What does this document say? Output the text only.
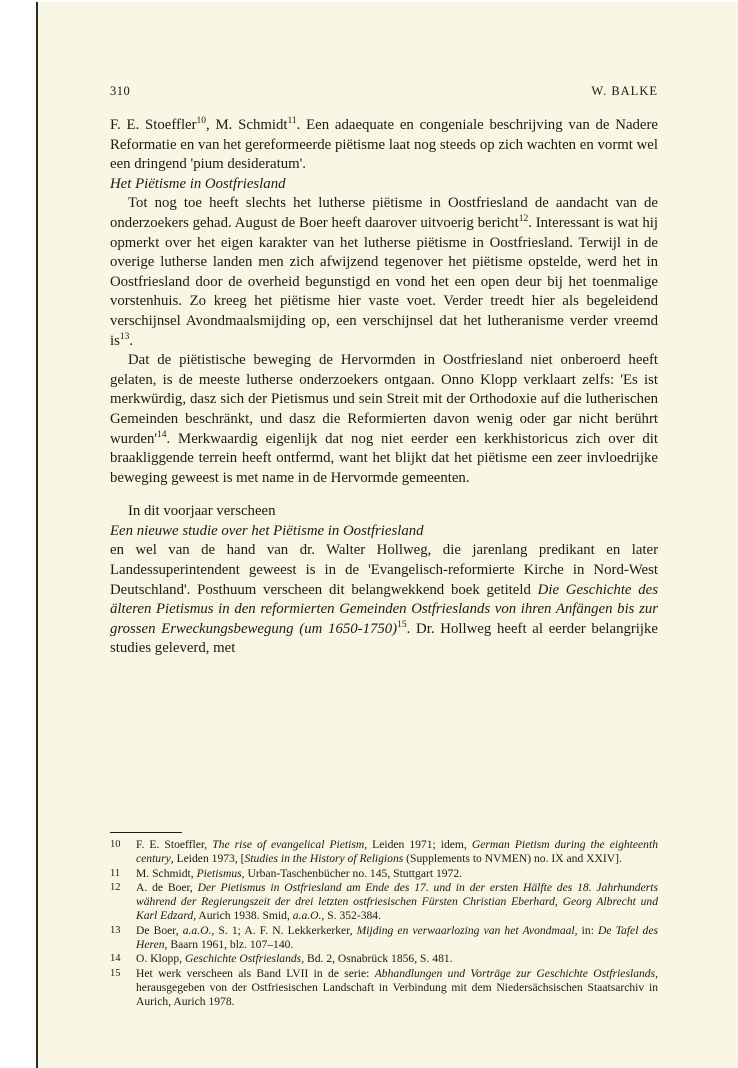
310	W. BALKE

F. E. Stoeffler$^{10}$, M. Schmidt$^{11}$. Een adaequate en congeniale beschrijving van de Nadere Reformatie en van het gereformeerde piëtisme laat nog steeds op zich wachten en vormt wel een dringend 'pium desideratum'.

Het Piëtisme in Oostfriesland

Tot nog toe heeft slechts het lutherse piëtisme in Oostfriesland de aandacht van de onderzoekers gehad. August de Boer heeft daarover uitvoerig bericht$^{12}$. Interessant is wat hij opmerkt over het eigen karakter van het lutherse piëtisme in Oostfriesland. Terwijl in de overige lutherse landen men zich afwijzend tegenover het piëtisme opstelde, werd het in Oostfriesland door de overheid begunstigd en vond het een open deur bij het toenmalige vorstenhuis. Zo kreeg het piëtisme hier vaste voet. Verder treedt hier als begeleidend verschijnsel Avondmaalsmijding op, een verschijnsel dat het lutheranisme verder vreemd $is^{13}$.

Dat de piëtistische beweging de Hervormden in Oostfriesland niet onberoerd heeft gelaten, is de meeste lutherse onderzoekers ontgaan. Onno Klopp verklaart zelfs: 'Es ist merkwürdig, dasz sich der Pietismus und sein Streit mit der Orthodoxie auf die lutherischen Gemeinden beschränkt, und dasz die Reformierten davon wenig oder gar nicht berührt $wurden'^{14}$. Merkwaardig eigenlijk dat nog niet eerder een kerkhistoricus zich over dit braakliggende terrein heeft ontfermd, want het blijkt dat het piëtisme een zeer invloedrijke beweging geweest is met name in de Hervormde gemeenten.

In dit voorjaar verscheen

Een nieuwe studie over het Piëtisme in Oostfriesland

en wel van de hand van dr. Walter Hollweg, die jarenlang predikant en later Landessuperintendent geweest is in de 'Evangelisch-reformierte Kirche in Nord-West Deutschland'. Posthuum verscheen dit belangwekkend boek getiteld Die Geschichte des älteren Pietismus in den reformierten Gemeinden Ostfrieslands von ihren Anfängen bis zur grossen Erweckungsbewegung (um 1650-1750)$^{15}$. Dr. Hollweg heeft al eerder belangrijke studies geleverd, met

10	F. E. Stoeffler, The rise of evangelical Pietism, Leiden 1971; idem, German Pietism during the eighteenth century, Leiden 1973, [Studies in the History of Religions (Supplements to NVMEN) no. IX and XXIV].
11	M. Schmidt, Pietismus, Urban-Taschenbücher no. 145, Stuttgart 1972.
12	A. de Boer, Der Pietismus in Ostfriesland am Ende des 17. und in der ersten Hälfte des 18. Jahrhunderts während der Regierungszeit der drei letzten ostfriesischen Fürsten Christian Eberhard, Georg Albrecht und Karl Edzard, Aurich 1938. Smid, a.a.O., S. 352-384.
13	De Boer, a.a.O., S. 1; A. F. N. Lekkerkerker, Mijding en verwaarlozing van het Avondmaal, in: De Tafel des Heren, Baarn 1961, blz. 107–140.
14	O. Klopp, Geschichte Ostfrieslands, Bd. 2, Osnabrück 1856, S. 481.
15	Het werk verscheen als Band LVII in de serie: Abhandlungen und Vorträge zur Geschichte Ostfrieslands, herausgegeben von der Ostfriesischen Landschaft in Verbindung mit dem Niedersächsischen Staatsarchiv in Aurich, Aurich 1978.
